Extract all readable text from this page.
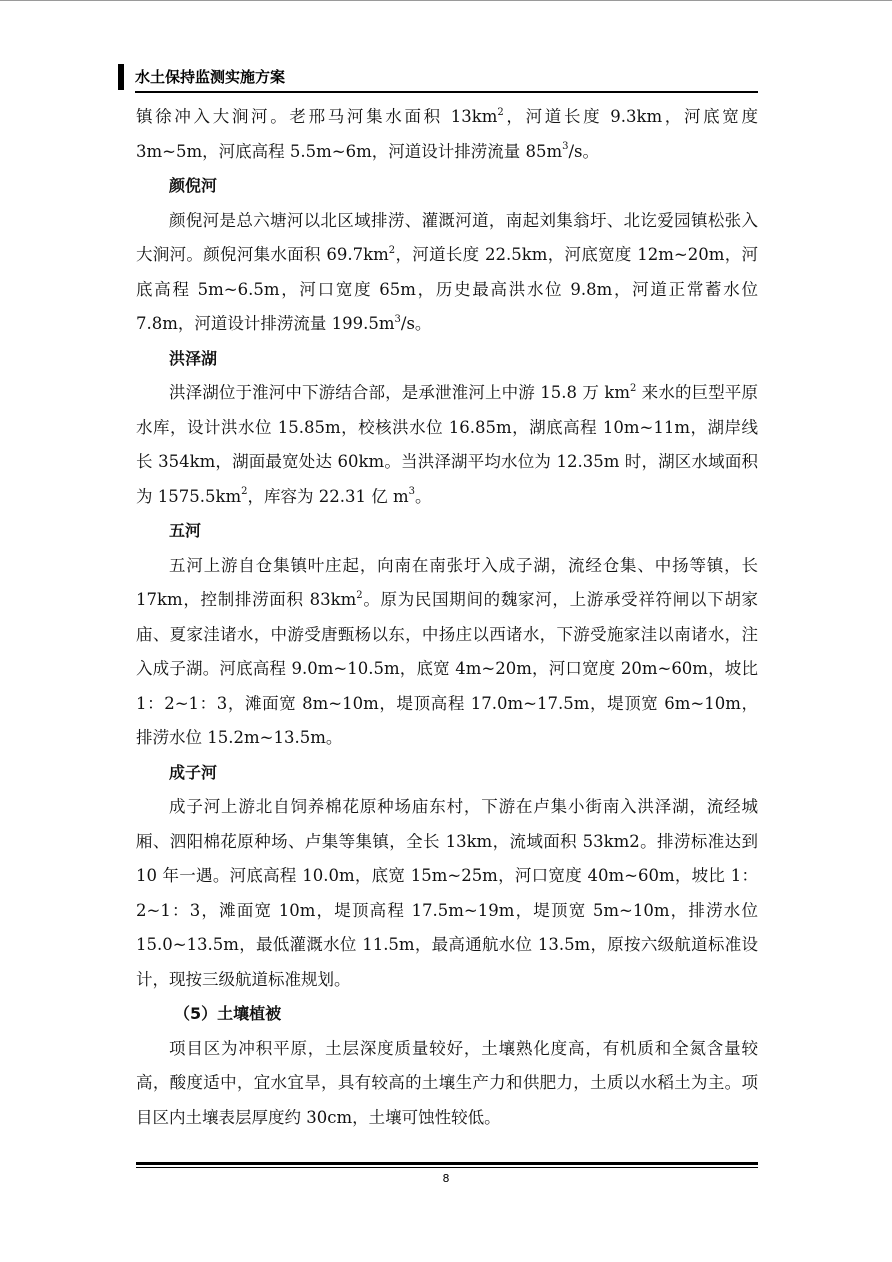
水土保持监测实施方案

镇徐冲入大涧河。老邢马河集水面积 $13km^2$，河道长度 9.3km，河底宽度 3m~5m，河底高程 5.5m~6m，河道设计排涝流量 $85m^3/s$。

颜倪河

颜倪河是总六塘河以北区域排涝、灌溉河道，南起刘集翁圩、北讫爱园镇松张入大涧河。颜倪河集水面积 $69.7km^2$，河道长度 22.5km，河底宽度 12m~20m，河底高程 5m~6.5m，河口宽度 65m，历史最高洪水位 9.8m，河道正常蓄水位 7.8m，河道设计排涝流量 $199.5m^3/s$。

洪泽湖

洪泽湖位于淮河中下游结合部，是承泄淮河上中游 15.8 万 $km^2$ 来水的巨型平原水库，设计洪水位 15.85m，校核洪水位 16.85m，湖底高程 10m~11m，湖岸线长 354km，湖面最宽处达 60km。当洪泽湖平均水位为 12.35m 时，湖区水域面积为 $1575.5km^2$，库容为 22.31 亿 $m^3$。

五河

五河上游自仓集镇叶庄起，向南在南张圩入成子湖，流经仓集、中扬等镇，长 17km，控制排涝面积 $83km^2$。原为民国期间的魏家河，上游承受祥符闸以下胡家庙、夏家洼诸水，中游受唐甄杨以东，中扬庄以西诸水，下游受施家洼以南诸水，注入成子湖。河底高程 9.0m~10.5m，底宽 4m~20m，河口宽度 20m~60m，坡比 1：2~1：3，滩面宽 8m~10m，堤顶高程 17.0m~17.5m，堤顶宽 6m~10m，排涝水位 15.2m~13.5m。

成子河

成子河上游北自饲养棉花原种场庙东村，下游在卢集小街南入洪泽湖，流经城厢、泗阳棉花原种场、卢集等集镇，全长 13km，流域面积 53km2。排涝标准达到 10 年一遇。河底高程 10.0m，底宽 15m~25m，河口宽度 40m~60m，坡比 1：2~1：3，滩面宽 10m，堤顶高程 17.5m~19m，堤顶宽 5m~10m，排涝水位 15.0~13.5m，最低灌溉水位 11.5m，最高通航水位 13.5m，原按六级航道标准设计，现按三级航道标准规划。

（5）土壤植被

项目区为冲积平原，土层深度质量较好，土壤熟化度高，有机质和全氮含量较高，酸度适中，宜水宜旱，具有较高的土壤生产力和供肥力，土质以水稻土为主。项目区内土壤表层厚度约 30cm，土壤可蚀性较低。

8
